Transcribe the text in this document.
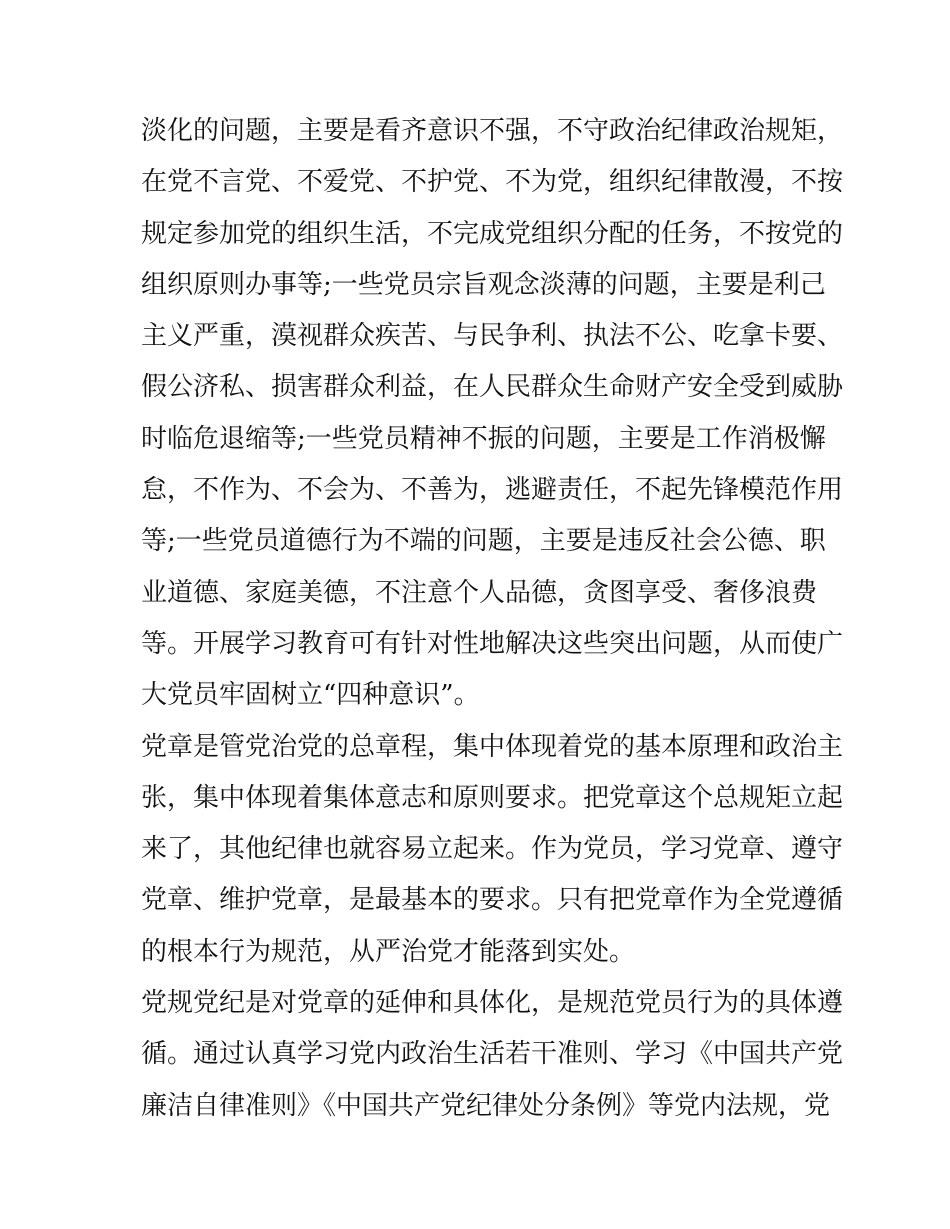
淡化的问题，主要是看齐意识不强，不守政治纪律政治规矩，
在党不言党、不爱党、不护党、不为党，组织纪律散漫，不按
规定参加党的组织生活，不完成党组织分配的任务，不按党的
组织原则办事等;一些党员宗旨观念淡薄的问题，主要是利己
主义严重，漠视群众疾苦、与民争利、执法不公、吃拿卡要、
假公济私、损害群众利益，在人民群众生命财产安全受到威胁
时临危退缩等;一些党员精神不振的问题，主要是工作消极懈
怠，不作为、不会为、不善为，逃避责任，不起先锋模范作用
等;一些党员道德行为不端的问题，主要是违反社会公德、职
业道德、家庭美德，不注意个人品德，贪图享受、奢侈浪费
等。开展学习教育可有针对性地解决这些突出问题，从而使广
大党员牢固树立“四种意识”。
党章是管党治党的总章程，集中体现着党的基本原理和政治主
张，集中体现着集体意志和原则要求。把党章这个总规矩立起
来了，其他纪律也就容易立起来。作为党员，学习党章、遵守
党章、维护党章，是最基本的要求。只有把党章作为全党遵循
的根本行为规范，从严治党才能落到实处。
党规党纪是对党章的延伸和具体化，是规范党员行为的具体遵
循。通过认真学习党内政治生活若干准则、学习《中国共产党
廉洁自律准则》《中国共产党纪律处分条例》等党内法规，党
